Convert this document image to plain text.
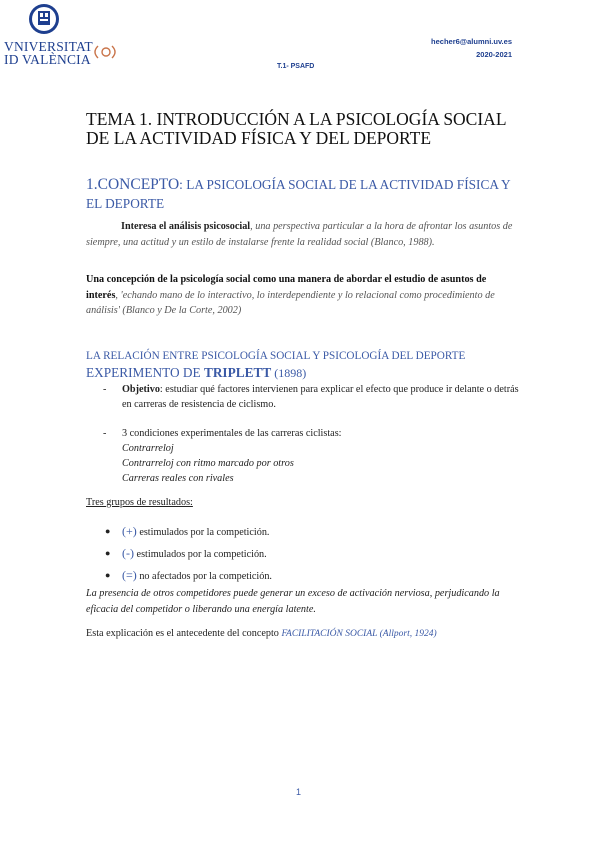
VNIVERSITAT
ID VALÈNCIA
hecher6@alumni.uv.es
2020-2021
T.1- PSAFD
TEMA 1. INTRODUCCIÓN A LA PSICOLOGÍA SOCIAL DE LA ACTIVIDAD FÍSICA Y DEL DEPORTE
1.CONCEPTO: LA PSICOLOGÍA SOCIAL DE LA ACTIVIDAD FÍSICA Y EL DEPORTE
Interesa el análisis psicosocial, una perspectiva particular a la hora de afrontar los asuntos de siempre, una actitud y un estilo de instalarse frente la realidad social (Blanco, 1988).
Una concepción de la psicología social como una manera de abordar el estudio de asuntos de interés, 'echando mano de lo interactivo, lo interdependiente y lo relacional como procedimiento de análisis' (Blanco y De la Corte, 2002)
LA RELACIÓN ENTRE PSICOLOGÍA SOCIAL Y PSICOLOGÍA DEL DEPORTE
EXPERIMENTO DE TRIPLETT (1898)
- Objetivo: estudiar qué factores intervienen para explicar el efecto que produce ir delante o detrás en carreras de resistencia de ciclismo.
- 3 condiciones experimentales de las carreras ciclistas:
Contrarreloj
Contrarreloj con ritmo marcado por otros
Carreras reales con rivales
Tres grupos de resultados:
● (+) estimulados por la competición.
● (-) estimulados por la competición.
● (=) no afectados por la competición.
La presencia de otros competidores puede generar un exceso de activación nerviosa, perjudicando la eficacia del competidor o liberando una energía latente.
Esta explicación es el antecedente del concepto FACILITACIÓN SOCIAL (Allport, 1924)
1
